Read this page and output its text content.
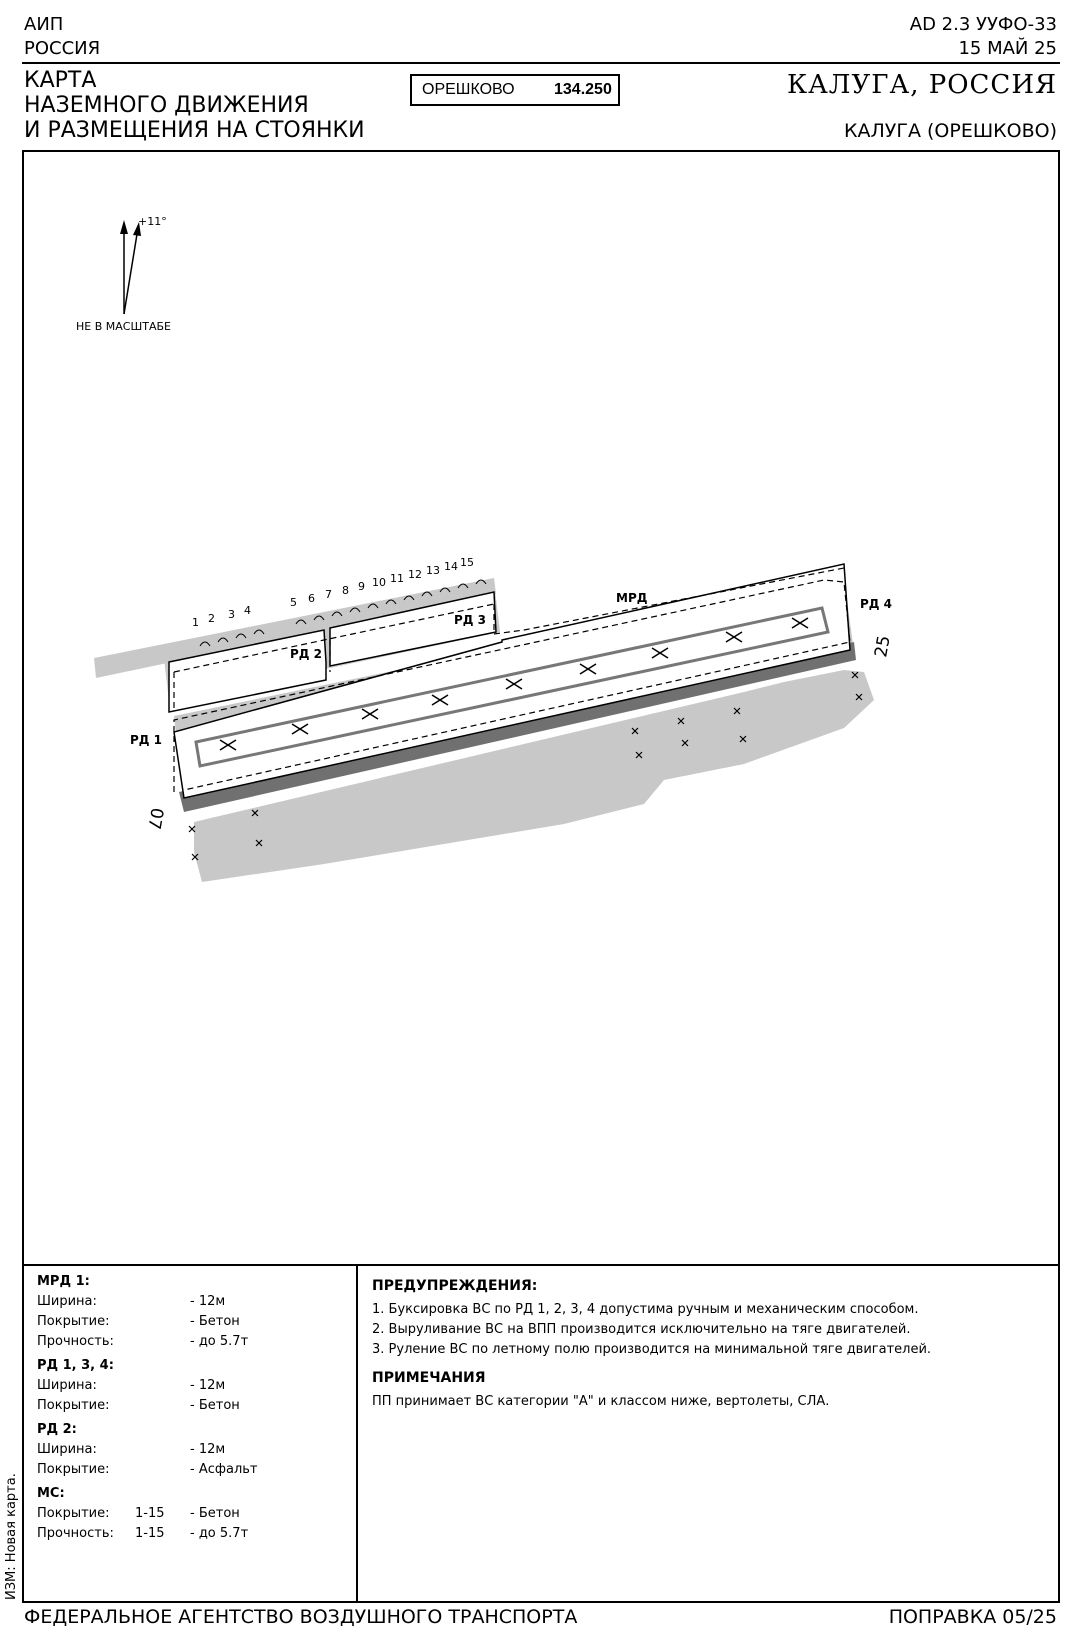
АИП
РОССИЯ
AD 2.3 УУФО-33
15 МАЙ 25
КАРТА
НАЗЕМНОГО ДВИЖЕНИЯ
И РАЗМЕЩЕНИЯ НА СТОЯНКИ
ОРЕШКОВО	134.250	КАЛУГА, РОССИЯ
КАЛУГА (ОРЕШКОВО)
+11°
НЕ В МАСШТАБЕ
1 2 3 4
5 6 7 8 9 10 11 12 13 14 15
РД 1
РД 2
РД 3
РД 4
МРД
07
25
МРД 1:
Ширина:	- 12м
Покрытие:	- Бетон
Прочность:	- до 5.7т
РД 1, 3, 4:
Ширина:	- 12м
Покрытие:	- Бетон
РД 2:
Ширина:	- 12м
Покрытие:	- Асфальт
МС:
Покрытие:	1-15	- Бетон
Прочность:	1-15	- до 5.7т
ПРЕДУПРЕЖДЕНИЯ:
1. Буксировка ВС по РД 1, 2, 3, 4 допустима ручным и механическим способом.
2. Выруливание ВС на ВПП производится исключительно на тяге двигателей.
3. Руление ВС по летному полю производится на минимальной тяге двигателей.
ПРИМЕЧАНИЯ
ПП принимает ВС категории "А" и классом ниже, вертолеты, СЛА.
ИЗМ: Новая карта.
ФЕДЕРАЛЬНОЕ АГЕНТСТВО ВОЗДУШНОГО ТРАНСПОРТА	ПОПРАВКА 05/25
